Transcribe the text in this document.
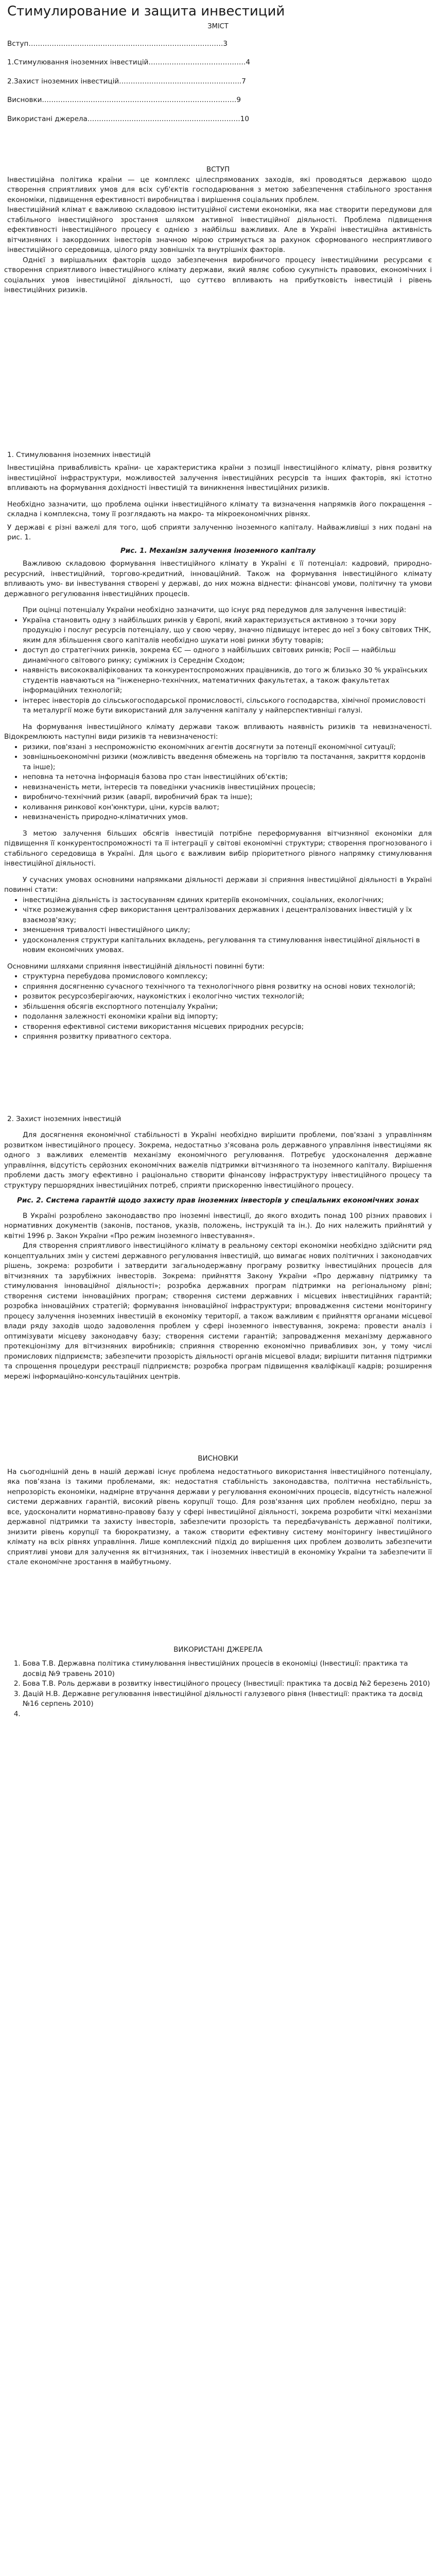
Стимулирование и защита инвестиций
ЗМІСТ
Вступ…………………………………………………………………………3
1.Стимулювання іноземних інвестицій……………………………………4
2.Захист іноземних інвестицій……………………………………………..7
Висновки…………………………………………………………………………9
Використані джерела…………………………………………………………10
ВСТУП

Інвестиційна політика країни — це комплекс цілеспрямованих заходів, які проводяться державою щодо створення сприятливих умов для всіх суб'єктів господарювання з метою забезпечення стабільного зростання економіки, підвищення ефективності виробництва і вирішення соціальних проблем.

Інвестиційний клімат є важливою складовою інституційної системи економіки, яка має створити передумови для стабільного інвестиційного зростання шляхом активної інвестиційної діяльності. Проблема підвищення ефективності інвестиційного процесу є однією з найбільш важливих. Але в Україні інвестиційна активність вітчизняних і закордонних інвесторів значною мірою стримується за рахунок сформованого несприятливого інвестиційного середовища, цілого ряду зовнішніх та внутрішніх факторів.

Однієї з вирішальних факторів щодо забезпечення виробничого процесу інвестиційними ресурсами є створення сприятливого інвестиційного клімату держави, який являє собою сукупність правових, економічних і соціальних умов інвестиційної діяльності, що суттєво впливають на прибутковість інвестицій і рівень інвестиційних ризиків.

1. Стимулювання іноземних інвестицій

Інвестиційна привабливість країни- це характеристика країни з позиції інвестиційного клімату, рівня розвитку інвестиційної інфраструктури, можливостей залучення інвестиційних ресурсів та інших факторів, які істотно впливають на формування дохідності інвестицій та виникнення інвестиційних ризиків.

Необхідно зазначити, що проблема оцінки інвестиційного клімату та визначення напрямків його покращення – складна і комплексна, тому її розглядають на макро- та мікроекономічних рівнях.

У державі є різні важелі для того, щоб сприяти залученню іноземного капіталу. Найважливіші з них подані на рис. 1.

Рис. 1. Механізм залучення іноземного капіталу

Важливою складовою формування інвестиційного клімату в Україні є її потенціал: кадровий, природно-ресурсний, інвестиційний, торгово-кредитний, інноваційний. Також на формування інвестиційного клімату впливають умо- ви інвестування створені у державі, до них можна віднести: фінансові умови, політичну та умови державного регулювання інвестиційних процесів.

При оцінці потенціалу України необхідно зазначити, що існує ряд передумов для залучення інвестицій:

• Україна становить одну з найбільших ринків у Європі, який характеризується активною з точки зору продукцію і послуг ресурсів потенціалу, що у свою черву, значно підвищує інтерес до неї з боку світових ТНК, яким для збільшення свого капіталів необхідно шукати нові ринки збуту товарів;
• доступ до стратегічних ринків, зокрема ЄС — одного з найбільших світових ринків; Росії — найбільш динамічного світового ринку; суміжних із Середнім Сходом;
• наявність висококваліфікованих та конкурентоспроможних працівників, до того ж близько 30 % українських студентів навчаються на "інженерно-технічних, математичних факультетах, а також факультетах інформаційних технологій;
• інтерес інвесторів до сільськогосподарської промисловості, сільського господарства, хімічної промисловості та металургії може бути використаний для залучення капіталу у найперспективніші галузі.

На формування інвестиційного клімату держави також впливають наявність ризиків та невизначеності. Відокремлюють наступні види ризиків та невизначеності:

• ризики, пов'язані з неспроможністю економічних агентів досягнути за потенції економічної ситуації;
• зовнішньоекономічні ризики (можливість введення обмежень на торгівлю та постачання, закриття кордонів та інше);
• неповна та неточна інформація базова про стан інвестиційних об'єктів;
• невизначеність мети, інтересів та поведінки учасників інвестиційних процесів;
• виробничо-технічний ризик (аварії, виробничий брак та інше);
• коливання ринкової кон'юнктури, ціни, курсів валют;
• невизначеність природно-кліматичних умов.

З метою залучення більших обсягів інвестицій потрібне переформування вітчизняної економіки для підвищення її конкурентоспроможності та її інтеграції у світові економічні структури; створення прогнозованого і стабільного середовища в Україні. Для цього є важливим вибір пріоритетного рівного напрямку стимулювання інвестиційної діяльності.

У сучасних умовах основними напрямками діяльності держави зі сприяння інвестиційної діяльності в Україні повинні стати:

• інвестиційна діяльність із застосуванням єдиних критеріїв економічних, соціальних, екологічних;
• чітке розмежування сфер використання централізованих державних і децентралізованих інвестицій у їх взаємозв'язку;
• зменшення тривалості інвестиційного циклу;
• удосконалення структури капітальних вкладень, регулювання та стимулювання інвестиційної діяльності в новим економічних умовах.

Основними шляхами сприяння інвестиційній діяльності повинні бути:

• структурна перебудова промислового комплексу;
• сприяння досягненню сучасного технічного та технологічного рівня розвитку на основі нових технологій;
• розвиток ресурсозберігаючих, наукомістких і екологічно чистих технологій;
• збільшення обсягів експортного потенціалу України;
• подолання залежності економіки країни від імпорту;
• створення ефективної системи використання місцевих природних ресурсів;
• сприяння розвитку приватного сектора.

2. Захист іноземних інвестицій

Для досягнення економічної стабільності в Україні необхідно вирішити проблеми, пов'язані з управлінням розвитком інвестиційного процесу. Зокрема, недостатньо з'ясована роль державного управління інвестиціями як одного з важливих елементів механізму економічного регулювання. Потребує удосконалення державне управління, відсутість серйозних економічних важелів підтримки вітчизняного та іноземного капіталу. Вирішення проблеми дасть змогу ефективно і раціонально створити фінансову інфраструктуру інвестиційного процесу та структуру першорядних інвестиційних потреб, сприяти прискоренню інвестиційного процесу.

Рис. 2. Система гарантій щодо захисту прав іноземних інвесторів у спеціальних економічних зонах

В Україні розроблено законодавство про іноземні інвестиції, до якого входить понад 100 різних правових і нормативних документів (законів, постанов, указів, положень, інструкцій та ін.). До них належить прийнятий у квітні 1996 р. Закон України «Про режим іноземного інвестування».

Для створення сприятливого інвестиційного клімату в реальному секторі економіки необхідно здійснити ряд концептуальних змін у системі державного регулювання інвестицій, що вимагає нових політичних і законодавчих рішень, зокрема: розробити і затвердити загальнодержавну програму розвитку інвестиційних процесів для вітчизняних та зарубіжних інвесторів. Зокрема: прийняття Закону України «Про державну підтримку та стимулювання інноваційної діяльності»; розробка державних програм підтримки на регіональному рівні; створення системи інноваційних програм; створення системи державних і місцевих інвестиційних гарантій; розробка інноваційних стратегій; формування інноваційної інфраструктури; впровадження системи моніторингу процесу залучення іноземних інвестицій в економіку території, а також важливим є прийняття органами місцевої влади ряду заходів щодо задоволення проблем у сфері іноземного інвестування, зокрема: провести аналіз і оптимізувати місцеву законодавчу базу; створення системи гарантій; запровадження механізму державного протекціонізму для вітчизняних виробників; сприяння створенню економічно привабливих зон, у тому числі промислових підприємств; забезпечити прозорість діяльності органів місцевої влади; вирішити питання підтримки та спрощення процедури реєстрації підприємств; розробка програм підвищення кваліфікації кадрів; розширення мережі інформаційно-консультаційних центрів.

ВИСНОВКИ

На сьогоднішній день в нашій державі існує проблема недостатнього використання інвестиційного потенціалу, яка пов’язана із такими проблемами, як: недостатня стабільність законодавства, політична нестабільність, непрозорість економіки, надмірне втручання держави у регулювання економічних процесів, відсутність належної системи державних гарантій, високий рівень корупції тощо. Для розв'язання цих проблем необхідно, перш за все, удосконалити нормативно-правову базу у сфері інвестиційної діяльності, зокрема розробити чіткі механізми державної підтримки та захисту інвесторів, забезпечити прозорість та передбачуваність державної політики, знизити рівень корупції та бюрократизму, а також створити ефективну систему моніторингу інвестиційного клімату на всіх рівнях управління. Лише комплексний підхід до вирішення цих проблем дозволить забезпечити сприятливі умови для залучення як вітчизняних, так і іноземних інвестицій в економіку України та забезпечити її стале економічне зростання в майбутньому.

ВИКОРИСТАНІ ДЖЕРЕЛА
1. Бова Т.В. Державна політика стимулювання інвестиційних процесів в економіці (Інвестиції: практика та досвід №9 травень 2010)
2. Бова Т.В. Роль держави в розвитку інвестиційного процесу (Інвестиції: практика та досвід №2 березень 2010)
3. Дацій Н.В. Державне регулювання інвестиційної діяльності галузевого рівня (Інвестиції: практика та досвід №16 серпень 2010)
4.
